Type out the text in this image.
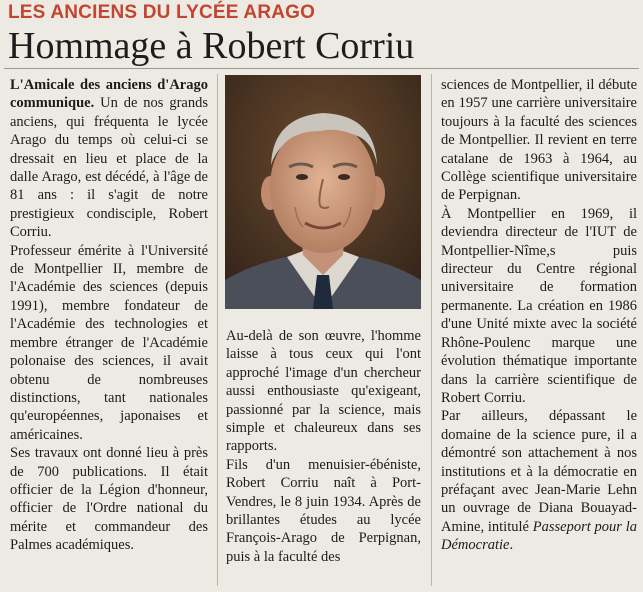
LES ANCIENS DU LYCÉE ARAGO
Hommage à Robert Corriu

L'Amicale des anciens d'Arago communique. Un de nos grands anciens, qui fréquenta le lycée Arago du temps où celui-ci se dressait en lieu et place de la dalle Arago, est décédé, à l'âge de 81 ans : il s'agit de notre prestigieux condisciple, Robert Corriu.

Professeur émérite à l'Université de Montpellier II, membre de l'Académie des sciences (depuis 1991), membre fondateur de l'Académie des technologies et membre étranger de l'Académie polonaise des sciences, il avait obtenu de nombreuses distinctions, tant nationales qu'européennes, japonaises et américaines.

Ses travaux ont donné lieu à près de 700 publications. Il était officier de la Légion d'honneur, officier de l'Ordre national du mérite et commandeur des Palmes académiques.

Au-delà de son œuvre, l'homme laisse à tous ceux qui l'ont approché l'image d'un chercheur aussi enthousiaste qu'exigeant, passionné par la science, mais simple et chaleureux dans ses rapports.

Fils d'un menuisier-ébéniste, Robert Corriu naît à Port-Vendres, le 8 juin 1934. Après de brillantes études au lycée François-Arago de Perpignan, puis à la faculté des

sciences de Montpellier, il débute en 1957 une carrière universitaire toujours à la faculté des sciences de Montpellier. Il revient en terre catalane de 1963 à 1964, au Collège scientifique universitaire de Perpignan.

À Montpellier en 1969, il deviendra directeur de l'IUT de Montpellier-Nîme,s puis directeur du Centre régional universitaire de formation permanente. La création en 1986 d'une Unité mixte avec la société Rhône-Poulenc marque une évolution thématique importante dans la carrière scientifique de Robert Corriu.

Par ailleurs, dépassant le domaine de la science pure, il a démontré son attachement à nos institutions et à la démocratie en préfaçant avec Jean-Marie Lehn un ouvrage de Diana Bouayad-Amine, intitulé Passeport pour la Démocratie.
